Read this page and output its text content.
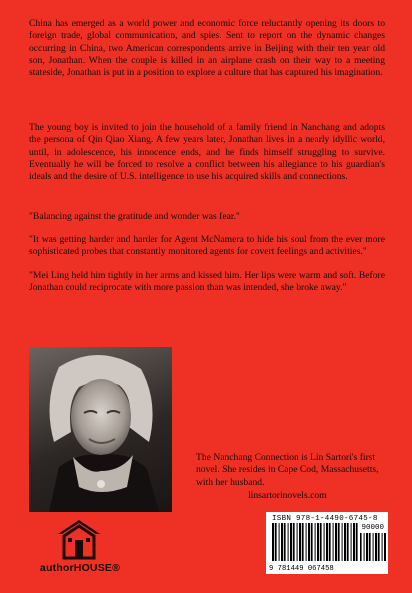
China has emerged as a world power and economic force reluctantly opening its doors to foreign trade, global communication, and spies. Sent to report on the dynamic changes occurring in China, two American correspondents arrive in Beijing with their ten year old son, Jonathan. When the couple is killed in an airplane crash on their way to a meeting stateside, Jonathan is put in a position to explore a culture that has captured his imagination.

The young boy is invited to join the household of a family friend in Nanchang and adopts the persona of Qin Qiao Xiang. A few years later, Jonathan lives in a nearly idyllic world, until, in adolescence, his innocence ends, and he finds himself struggling to survive. Eventually he will be forced to resolve a conflict between his allegiance to his guardian's ideals and the desire of U.S. intelligence to use his acquired skills and connections.

"Balancing against the gratitude and wonder was fear."

"It was getting harder and harder for Agent McNamera to hide his soul from the ever more sophisticated probes that constantly monitored agents for covert feelings and activities."

"Mei Ling held him tightly in her arms and kissed him. Her lips were warm and soft. Before Jonathan could reciprocate with more passion than was intended, she broke away."

The Nanchang Connection is Lin Sartori's first novel. She resides in Cape Cod, Massachusetts, with her husband.

linsartorinovels.com
authorHOUSE®
ISBN 978-1-4490-6745-8
90000
9 781449 067458
